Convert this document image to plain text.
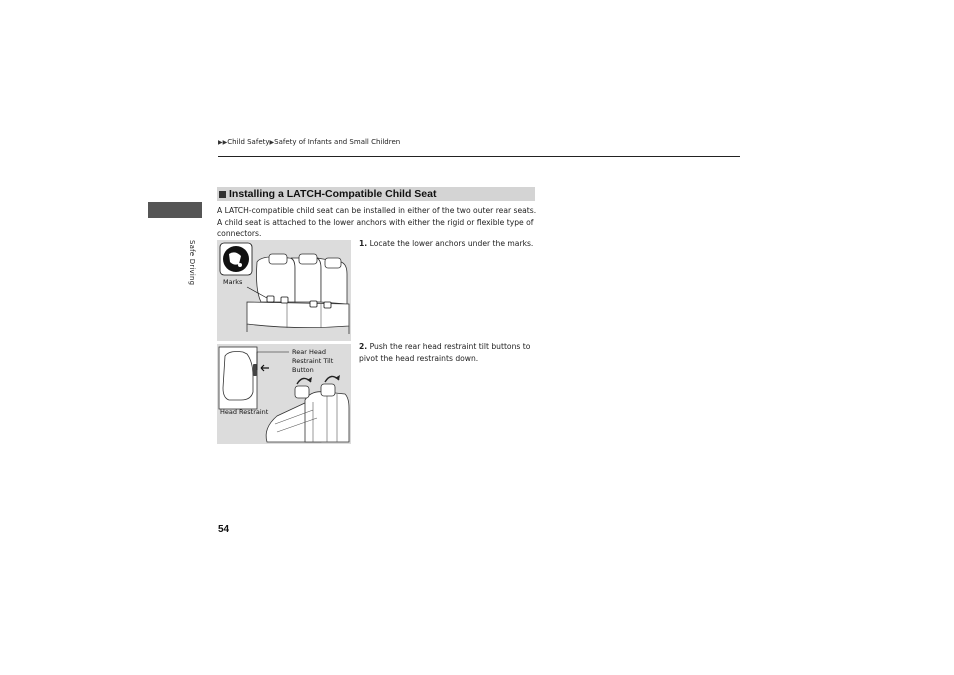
▶▶Child Safety▶Safety of Infants and Small Children
Safe Driving
Installing a LATCH-Compatible Child Seat
A LATCH-compatible child seat can be installed in either of the two outer rear seats. A child seat is attached to the lower anchors with either the rigid or flexible type of connectors.
Marks
Rear Head Restraint Tilt Button
Head Restraint
1. Locate the lower anchors under the marks.
2. Push the rear head restraint tilt buttons to pivot the head restraints down.
54
